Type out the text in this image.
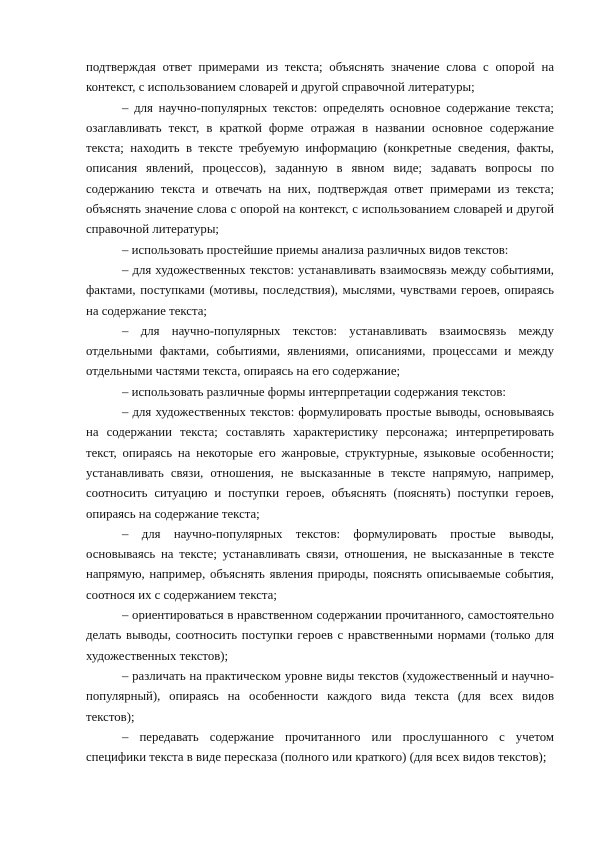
подтверждая ответ примерами из текста; объяснять значение слова с опорой на контекст, с использованием словарей и другой справочной литературы;

– для научно-популярных текстов: определять основное содержание текста; озаглавливать текст, в краткой форме отражая в названии основное содержание текста; находить в тексте требуемую информацию (конкретные сведения, факты, описания явлений, процессов), заданную в явном виде; задавать вопросы по содержанию текста и отвечать на них, подтверждая ответ примерами из текста; объяснять значение слова с опорой на контекст, с использованием словарей и другой справочной литературы;

– использовать простейшие приемы анализа различных видов текстов:

– для художественных текстов: устанавливать взаимосвязь между событиями, фактами, поступками (мотивы, последствия), мыслями, чувствами героев, опираясь на содержание текста;

– для научно-популярных текстов: устанавливать взаимосвязь между отдельными фактами, событиями, явлениями, описаниями, процессами и между отдельными частями текста, опираясь на его содержание;

– использовать различные формы интерпретации содержания текстов:

– для художественных текстов: формулировать простые выводы, основываясь на содержании текста; составлять характеристику персонажа; интерпретировать текст, опираясь на некоторые его жанровые, структурные, языковые особенности; устанавливать связи, отношения, не высказанные в тексте напрямую, например, соотносить ситуацию и поступки героев, объяснять (пояснять) поступки героев, опираясь на содержание текста;

– для научно-популярных текстов: формулировать простые выводы, основываясь на тексте; устанавливать связи, отношения, не высказанные в тексте напрямую, например, объяснять явления природы, пояснять описываемые события, соотнося их с содержанием текста;

– ориентироваться в нравственном содержании прочитанного, самостоятельно делать выводы, соотносить поступки героев с нравственными нормами (только для художественных текстов);

– различать на практическом уровне виды текстов (художественный и научно-популярный), опираясь на особенности каждого вида текста (для всех видов текстов);

– передавать содержание прочитанного или прослушанного с учетом специфики текста в виде пересказа (полного или краткого) (для всех видов текстов);
